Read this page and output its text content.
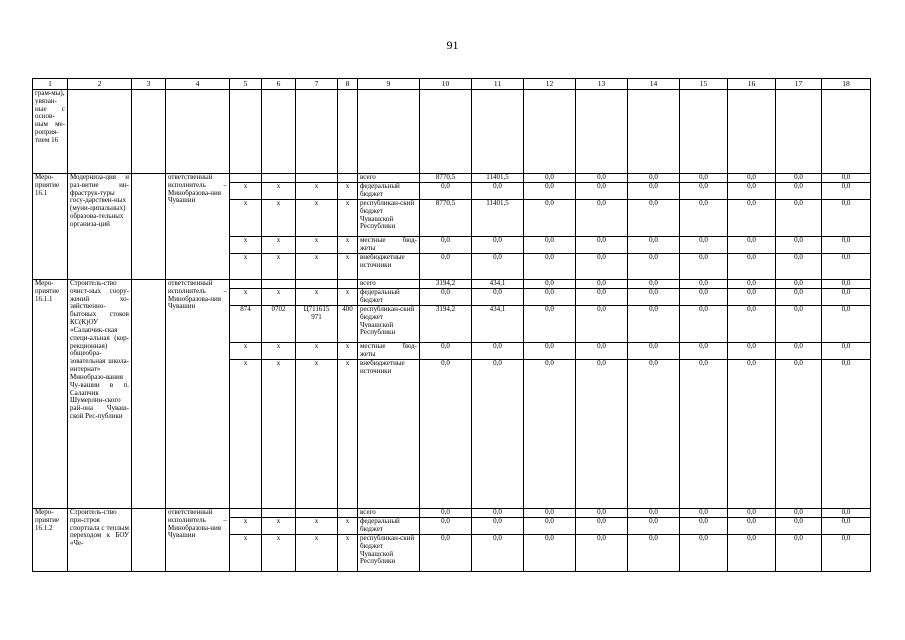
91
1	2	3	4	5	6	7	8	9	10	11	12	13	14	15	16	17	18
грам-мы), увязан-ные с основ-ным ме-роприя-тием 16																	
Меро-приятие 16.1	Модерниза-ция и раз-витие ин-фраструк-туры госу-дарствен-ных (муни-ципальных) образова-тельных организа-ций		ответственный исполнитель – Минобразова-ния Чувашии					всего	8770,5	11401,5	0,0	0,0	0,0	0,0	0,0	0,0	0,0
				x	x	x	x	федеральный бюджет	0,0	0,0	0,0	0,0	0,0	0,0	0,0	0,0	0,0
				x	x	x	x	республикан-ский бюджет Чувашской Республики	8770,5	11401,5	0,0	0,0	0,0	0,0	0,0	0,0	0,0
				x	x	x	x	местные бюд-жеты	0,0	0,0	0,0	0,0	0,0	0,0	0,0	0,0	0,0
				x	x	x	x	внебюджетные источники	0,0	0,0	0,0	0,0	0,0	0,0	0,0	0,0	0,0
Меро-приятие 16.1.1	Строитель-ство очист-ных соору-жений хо-зяйственно-бытовых стоков КС(К)ОУ «Салапчик-ская специ-альная (кор-рекционная) общеобра-зовательная школа-интернат» Минобразо-вания Чу-вашии в п. Салапчик Шумерлин-ского рай-она Чуваш-ской Рес-публики		ответственный исполнитель – Минобразова-ния Чувашии					всего	3194,2	434,1	0,0	0,0	0,0	0,0	0,0	0,0	0,0
				x	x	x	x	федеральный бюджет	0,0	0,0	0,0	0,0	0,0	0,0	0,0	0,0	0,0
				874	0702	Ц711615 971	400	республикан-ский бюджет Чувашской Республики	3194,2	434,1	0,0	0,0	0,0	0,0	0,0	0,0	0,0
				x	x	x	x	местные бюд-жеты	0,0	0,0	0,0	0,0	0,0	0,0	0,0	0,0	0,0
				x	x	x	x	внебюджетные источники	0,0	0,0	0,0	0,0	0,0	0,0	0,0	0,0	0,0
Меро-приятие 16.1.2	Строитель-ство при-строя спортзала с теплым переходом к БОУ «Че-		ответственный исполнитель – Минобразова-ния Чувашии					всего	0,0	0,0	0,0	0,0	0,0	0,0	0,0	0,0	0,0
				x	x	x	x	федеральный бюджет	0,0	0,0	0,0	0,0	0,0	0,0	0,0	0,0	0,0
				x	x	x	x	республикан-ский бюджет Чувашской Республики	0,0	0,0	0,0	0,0	0,0	0,0	0,0	0,0	0,0
